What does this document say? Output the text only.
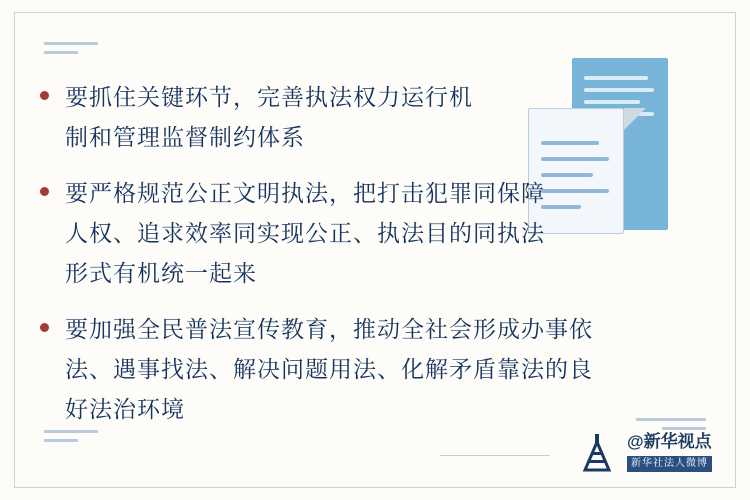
要抓住关键环节，完善执法权力运行机制和管理监督制约体系
要严格规范公正文明执法，把打击犯罪同保障人权、追求效率同实现公正、执法目的同执法形式有机统一起来
要加强全民普法宣传教育，推动全社会形成办事依法、遇事找法、解决问题用法、化解矛盾靠法的良好法治环境
@新华视点
新华社法人微博
